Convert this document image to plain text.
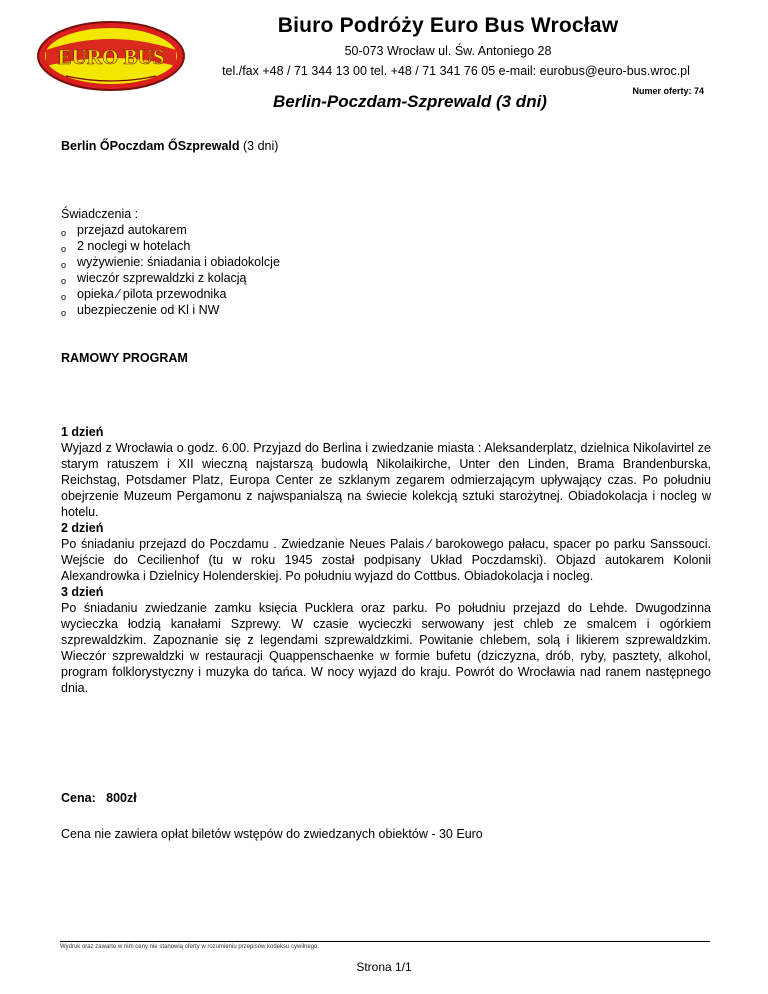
EURO BUS
Biuro Podróży Euro Bus Wrocław
50-073 Wrocław ul. Św. Antoniego 28
tel./fax +48 / 71 344 13 00 tel. +48 / 71 341 76 05 e-mail: eurobus@euro-bus.wroc.pl
Numer oferty: 74
Berlin-Poczdam-Szprewald (3 dni)
Berlin ŐPoczdam ŐSzprewald (3 dni)
Świadczenia :
o przejazd autokarem
o 2 noclegi w hotelach
o wyżywienie: śniadania i obiadokolcje
o wieczór szprewaldzki z kolacją
o opieka ⁄ pilota przewodnika
o ubezpieczenie od Kl i NW
RAMOWY PROGRAM
1 dzień
Wyjazd z Wrocławia o godz. 6.00. Przyjazd do Berlina i zwiedzanie miasta : Aleksanderplatz, dzielnica Nikolavirtel ze starym ratuszem i XII wieczną najstarszą budowlą Nikolaikirche, Unter den Linden, Brama Brandenburska, Reichstag, Potsdamer Platz, Europa Center ze szklanym zegarem odmierzającym upływający czas. Po południu obejrzenie Muzeum Pergamonu z najwspanialszą na świecie kolekcją sztuki starożytnej. Obiadokolacja i nocleg w hotelu.
2 dzień
Po śniadaniu przejazd do Poczdamu . Zwiedzanie Neues Palais ⁄ barokowego pałacu, spacer po parku Sanssouci. Wejście do Cecilienhof (tu w roku 1945 został podpisany Układ Poczdamski). Objazd autokarem Kolonii Alexandrowka i Dzielnicy Holenderskiej. Po południu wyjazd do Cottbus. Obiadokolacja i nocleg.
3 dzień
Po śniadaniu zwiedzanie zamku księcia Pucklera oraz parku. Po południu przejazd do Lehde. Dwugodzinna wycieczka łodzią kanałami Szprewy. W czasie wycieczki serwowany jest chleb ze smalcem i ogórkiem szprewaldzkim. Zapoznanie się z legendami szprewaldzkimi. Powitanie chlebem, solą i likierem szprewaldzkim. Wieczór szprewaldzki w restauracji Quappenschaenke w formie bufetu (dziczyzna, drób, ryby, pasztety, alkohol, program folklorystyczny i muzyka do tańca. W nocy wyjazd do kraju. Powrót do Wrocławia nad ranem następnego dnia.
Cena: 800zł
Cena nie zawiera opłat biletów wstępów do zwiedzanych obiektów - 30 Euro
Wydruk oraz zawarte w nim ceny nie stanowią oferty w rozumieniu przepisów kodeksu cywilnego.
Strona 1/1
